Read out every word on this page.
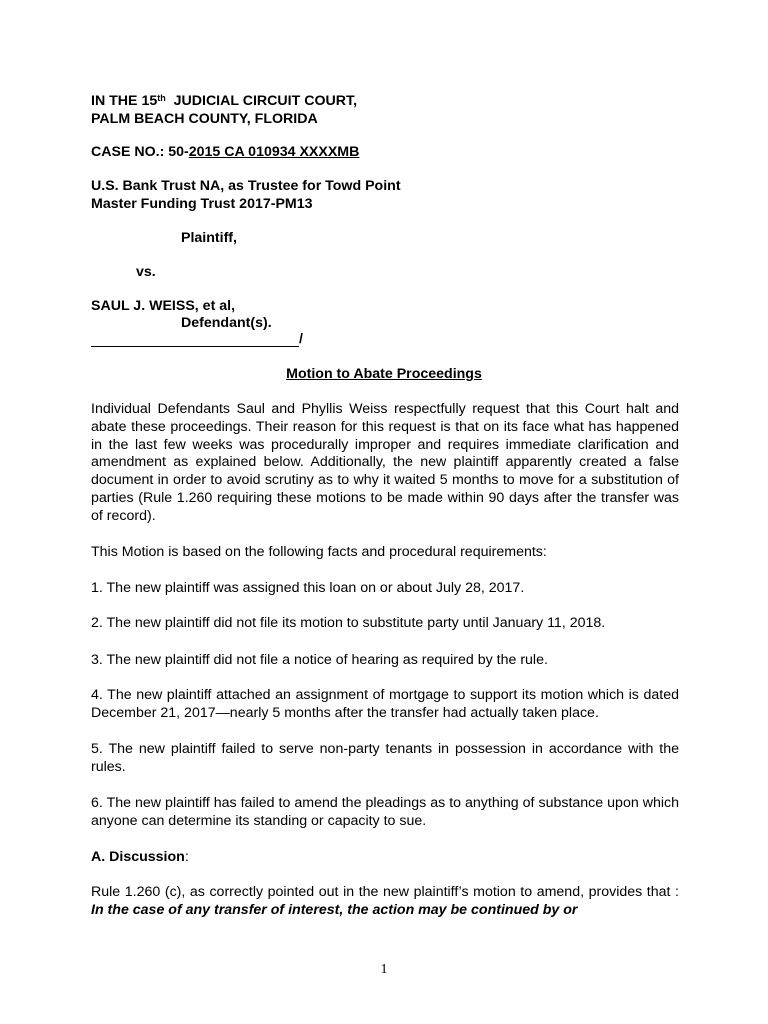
IN THE 15th  JUDICIAL CIRCUIT COURT,
PALM BEACH COUNTY, FLORIDA
CASE NO.: 50-2015 CA 010934 XXXXMB
U.S. Bank Trust NA, as Trustee for Towd Point
Master Funding Trust 2017-PM13
Plaintiff,
vs.
SAUL J. WEISS, et al,
Defendant(s).
/
Motion to Abate Proceedings
Individual Defendants Saul and Phyllis Weiss respectfully request that this Court halt and abate these proceedings. Their reason for this request is that on its face what has happened in the last few weeks was procedurally improper and requires immediate clarification and amendment as explained below. Additionally, the new plaintiff apparently created a false document in order to avoid scrutiny as to why it waited 5 months to move for a substitution of parties (Rule 1.260 requiring these motions to be made within 90 days after the transfer was of record).
This Motion is based on the following facts and procedural requirements:
1. The new plaintiff was assigned this loan on or about July 28, 2017.
2. The new plaintiff did not file its motion to substitute party until January 11, 2018.
3. The new plaintiff did not file a notice of hearing as required by the rule.
4. The new plaintiff attached an assignment of mortgage to support its motion which is dated December 21, 2017—nearly 5 months after the transfer had actually taken place.
5. The new plaintiff failed to serve non-party tenants in possession in accordance with the rules.
6. The new plaintiff has failed to amend the pleadings as to anything of substance upon which anyone can determine its standing or capacity to sue.
A. Discussion:
Rule 1.260 (c), as correctly pointed out in the new plaintiff’s motion to amend, provides that : In the case of any transfer of interest, the action may be continued by or
1
